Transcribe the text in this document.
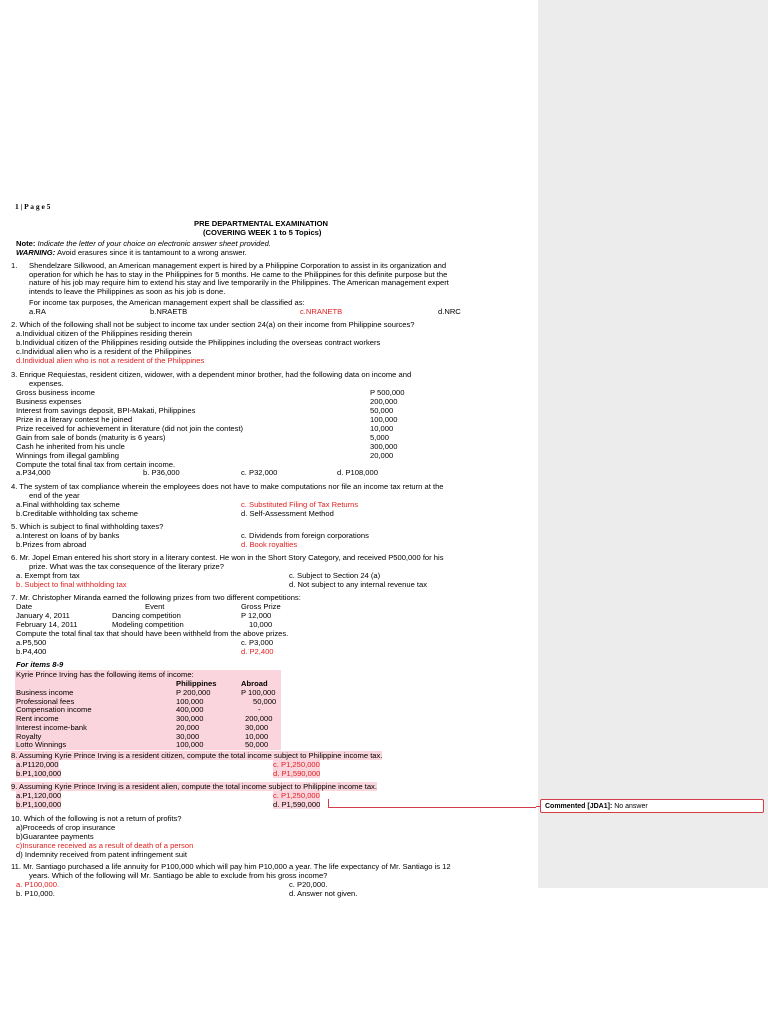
1 | P a g e 5
PRE DEPARTMENTAL EXAMINATION
(COVERING WEEK 1 to 5 Topics)
Note: Indicate the letter of your choice on electronic answer sheet provided.
WARNING: Avoid erasures since it is tantamount to a wrong answer.
1. Shendelzare Silkwood, an American management expert is hired by a Philippine Corporation to assist in its organization and
operation for which he has to stay in the Philippines for 5 months. He came to the Philippines for this definite purpose but the
nature of his job may require him to extend his stay and live temporarily in the Philippines. The American management expert
intends to leave the Philippines as soon as his job is done.
For income tax purposes, the American management expert shall be classified as:
a.RA	b.NRAETB	c.NRANETB	d.NRC
2. Which of the following shall not be subject to income tax under section 24(a) on their income from Philippine sources?
a.Individual citizen of the Philippines residing therein
b.Individual citizen of the Philippines residing outside the Philippines including the overseas contract workers
c.Individual alien who is a resident of the Philippines
d.Individual alien who is not a resident of the Philippines
3. Enrique Requiestas, resident citizen, widower, with a dependent minor brother, had the following data on income and
expenses.
Gross business income	P 500,000
Business expenses	200,000
Interest from savings deposit, BPI-Makati, Philippines	50,000
Prize in a literary contest he joined	100,000
Prize received for achievement in literature (did not join the contest)	10,000
Gain from sale of bonds (maturity is 6 years)	5,000
Cash he inherited from his uncle	300,000
Winnings from illegal gambling	20,000
Compute the total final tax from certain income.
a.P34,000	b. P36,000	c. P32,000	d. P108,000
4. The system of tax compliance wherein the employees does not have to make computations nor file an income tax return at the
end of the year
a.Final withholding tax scheme
b.Creditable withholding tax scheme
c. Substituted Filing of Tax Returns
d. Self-Assessment Method
5. Which is subject to final withholding taxes?
a.Interest on loans of by banks
b.Prizes from abroad
c. Dividends from foreign corporations
d. Book royalties
6. Mr. Jopel Eman entered his short story in a literary contest. He won in the Short Story Category, and received P500,000 for his
prize. What was the tax consequence of the literary prize?
a. Exempt from tax
b. Subject to final withholding tax
c. Subject to Section 24 (a)
d. Not subject to any internal revenue tax
7. Mr. Christopher Miranda earned the following prizes from two different competitions:
Date	Event	Gross Prize
January 4, 2011	Dancing competition	P 12,000
February 14, 2011	Modeling competition	10,000
Compute the total final tax that should have been withheld from the above prizes.
a.P5,500
b.P4,400
c. P3,000
d. P2,400
For items 8-9
Kyrie Prince Irving has the following items of income:
Philippines	Abroad
Business income	P 200,000	P 100,000
Professional fees	100,000	50,000
Compensation income	400,000	-
Rent income	300,000	200,000
Interest income-bank	20,000	30,000
Royalty	30,000	10,000
Lotto Winnings	100,000	50,000
8. Assuming Kyrie Prince Irving is a resident citizen, compute the total income subject to Philippine income tax.
a.P1120,000
b.P1,100,000
c. P1,250,000
d. P1,590,000
9. Assuming Kyrie Prince Irving is a resident alien, compute the total income subject to Philippine income tax.
a.P1,120,000
b.P1,100,000
c. P1,250,000
d. P1,590,000
10. Which of the following is not a return of profits?
a)Proceeds of crop insurance
b)Guarantee payments
c)Insurance received as a result of death of a person
d) Indemnity received from patent infringement suit
11. Mr. Santiago purchased a life annuity for P100,000 which will pay him P10,000 a year. The life expectancy of Mr. Santiago is 12
years. Which of the following will Mr. Santiago be able to exclude from his gross income?
a. P100,000.
b. P10,000.
c. P20,000.
d. Answer not given.
Commented [JDA1]: No answer
